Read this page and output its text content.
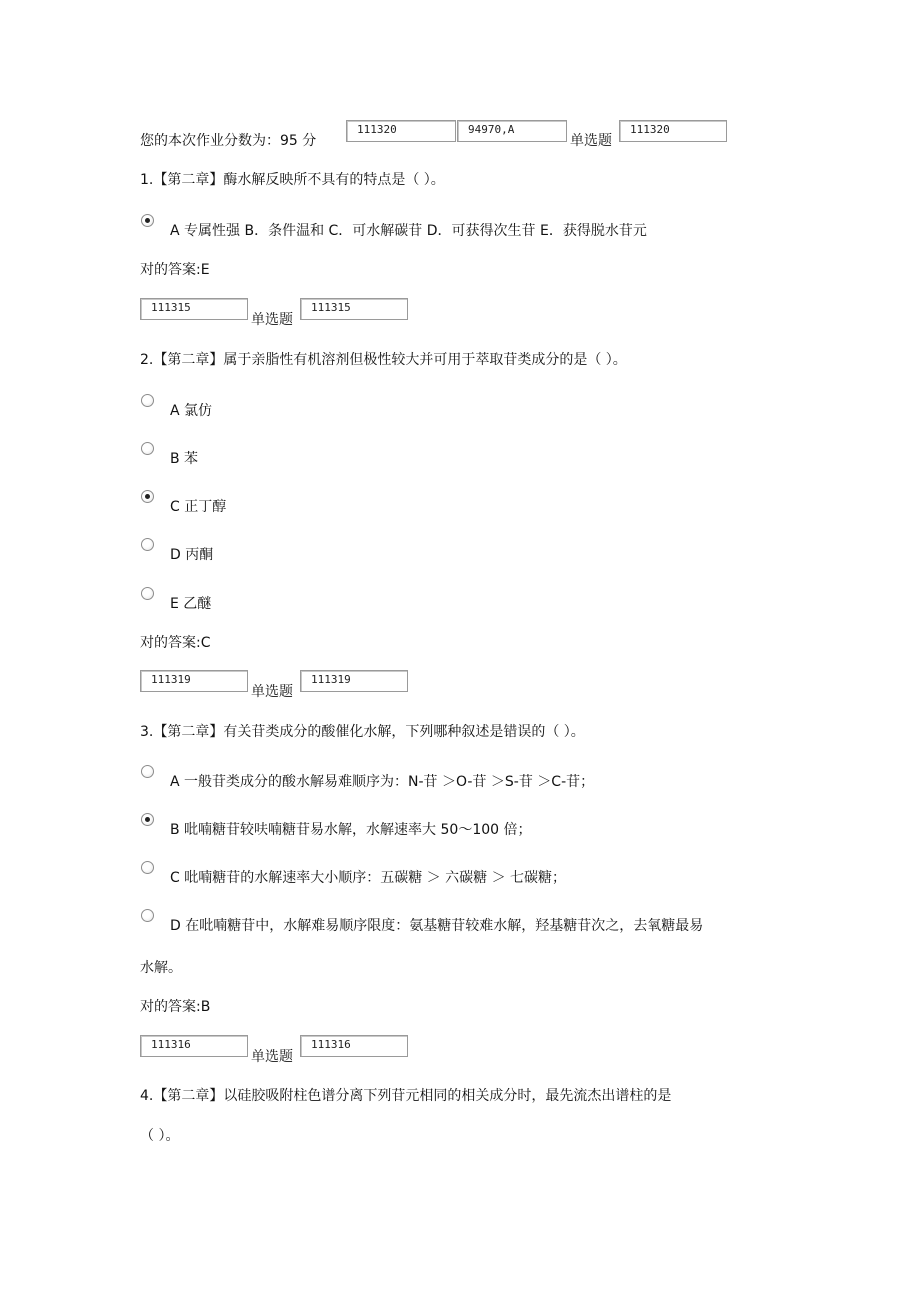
您的本次作业分数为：95 分
111320	94970,A
单选题
111320
1.【第二章】酶水解反映所不具有的特点是（ ）。
A 专属性强 B．条件温和 C．可水解碳苷 D．可获得次生苷 E．获得脱水苷元
对的答案:E
111315
单选题
111315
2.【第二章】属于亲脂性有机溶剂但极性较大并可用于萃取苷类成分的是（ ）。
A 氯仿
B 苯
C 正丁醇
D 丙酮
E 乙醚
对的答案:C
111319
单选题
111319
3.【第二章】有关苷类成分的酸催化水解，下列哪种叙述是错误的（ ）。
A 一般苷类成分的酸水解易难顺序为：N-苷 ＞O-苷 ＞S-苷 ＞C-苷；
B 吡喃糖苷较呋喃糖苷易水解，水解速率大 50～100 倍；
C 吡喃糖苷的水解速率大小顺序：五碳糖 ＞ 六碳糖 ＞ 七碳糖；
D 在吡喃糖苷中，水解难易顺序限度：氨基糖苷较难水解，羟基糖苷次之，去氧糖最易
水解。
对的答案:B
111316
单选题
111316
4.【第二章】以硅胶吸附柱色谱分离下列苷元相同的相关成分时，最先流杰出谱柱的是
（ ）。
